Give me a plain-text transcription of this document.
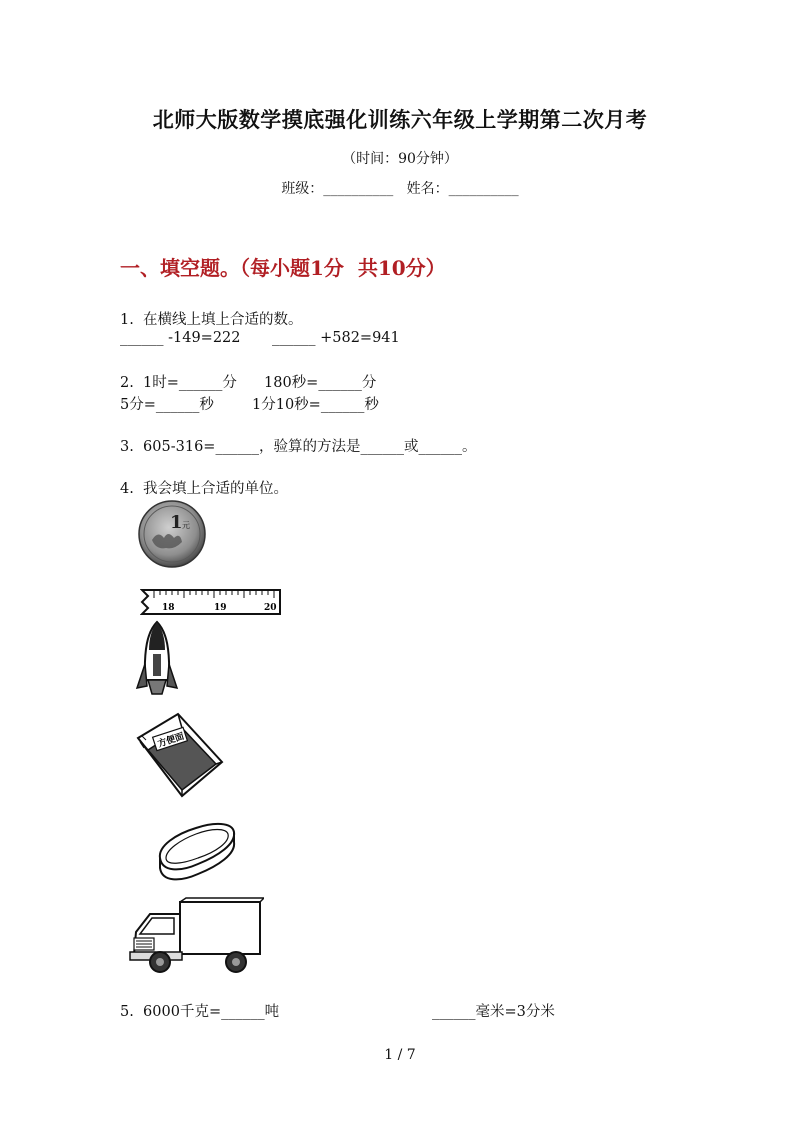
北师大版数学摸底强化训练六年级上学期第二次月考
（时间：90分钟）
班级：__________   姓名：__________
一、填空题。（每小题1分  共10分）
1.  在横线上填上合适的数。
______ -149=222 ______ +582=941
2.  1时=______分 180秒=______分
5分=______秒	1分10秒=______秒
3.  605-316=______，验算的方法是______或______。
4.  我会填上合适的单位。
1 元
18	19	20
方便面
5.  6000千克=______吨	______毫米=3分米
1 / 7
